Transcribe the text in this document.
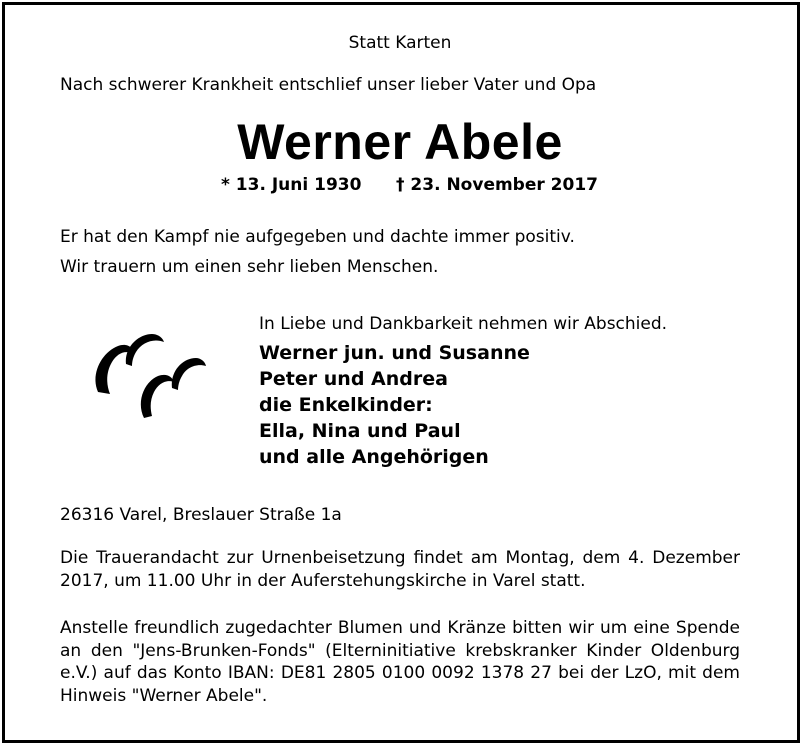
Statt Karten
Nach schwerer Krankheit entschlief unser lieber Vater und Opa
Werner Abele
* 13. Juni 1930 † 23. November 2017
Er hat den Kampf nie aufgegeben und dachte immer positiv.
Wir trauern um einen sehr lieben Menschen.
In Liebe und Dankbarkeit nehmen wir Abschied.
Werner jun. und Susanne
Peter und Andrea
die Enkelkinder:
Ella, Nina und Paul
und alle Angehörigen
26316 Varel, Breslauer Straße 1a
Die Trauerandacht zur Urnenbeisetzung findet am Montag, dem 4. Dezember 2017, um 11.00 Uhr in der Auferstehungskirche in Varel statt.
Anstelle freundlich zugedachter Blumen und Kränze bitten wir um eine Spende an den "Jens-Brunken-Fonds" (Elterninitiative krebskranker Kinder Oldenburg e.V.) auf das Konto IBAN: DE81 2805 0100 0092 1378 27 bei der LzO, mit dem Hinweis "Werner Abele".
